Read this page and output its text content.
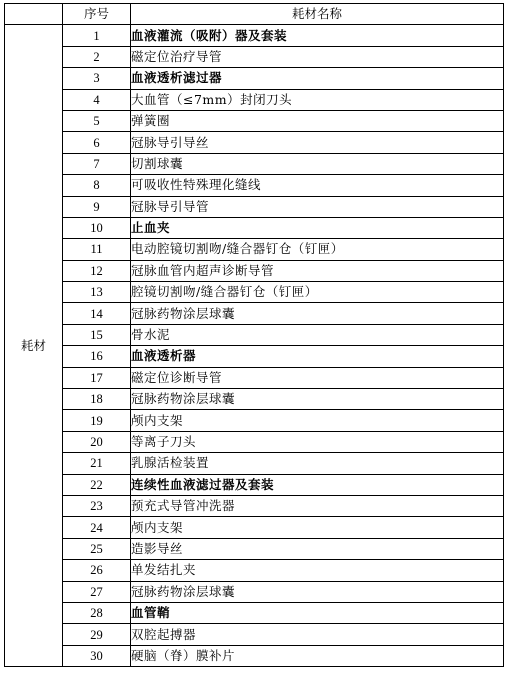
	序号	耗材名称
耗材	1	血液灌流（吸附）器及套装
	2	磁定位治疗导管
	3	血液透析滤过器
	4	大血管（≤7mm）封闭刀头
	5	弹簧圈
	6	冠脉导引导丝
	7	切割球囊
	8	可吸收性特殊理化缝线
	9	冠脉导引导管
	10	止血夹
	11	电动腔镜切割吻/缝合器钉仓（钉匣）
	12	冠脉血管内超声诊断导管
	13	腔镜切割吻/缝合器钉仓（钉匣）
	14	冠脉药物涂层球囊
	15	骨水泥
	16	血液透析器
	17	磁定位诊断导管
	18	冠脉药物涂层球囊
	19	颅内支架
	20	等离子刀头
	21	乳腺活检装置
	22	连续性血液滤过器及套装
	23	预充式导管冲洗器
	24	颅内支架
	25	造影导丝
	26	单发结扎夹
	27	冠脉药物涂层球囊
	28	血管鞘
	29	双腔起搏器
	30	硬脑（脊）膜补片
